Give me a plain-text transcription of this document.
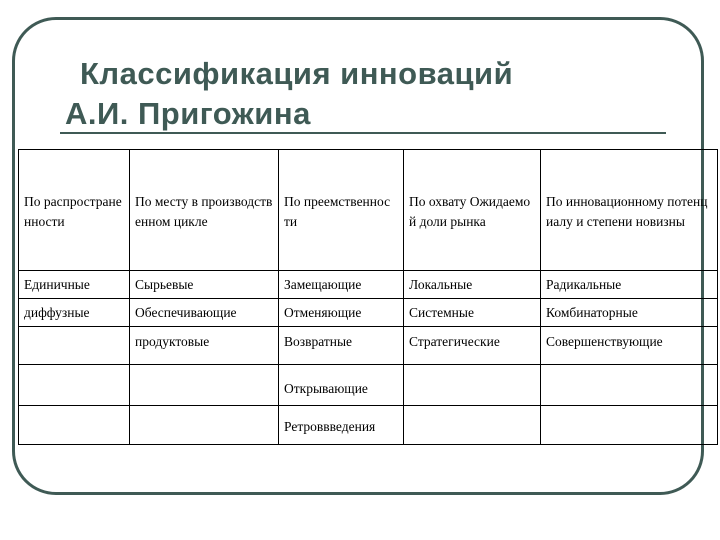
Классификация инноваций
А.И. Пригожина
По распростране нности	По месту в производственном цикле	По преемственнос ти	По охвату Ожидаемой доли рынка	По инновационному потенциалу и степени новизны
Единичные	Сырьевые	Замещающие	Локальные	Радикальные
диффузные	Обеспечивающие	Отменяющие	Системные	Комбинаторные
	продуктовые	Возвратные	Стратегические	Совершенствующие
		Открывающие		
		Ретроввведения		
